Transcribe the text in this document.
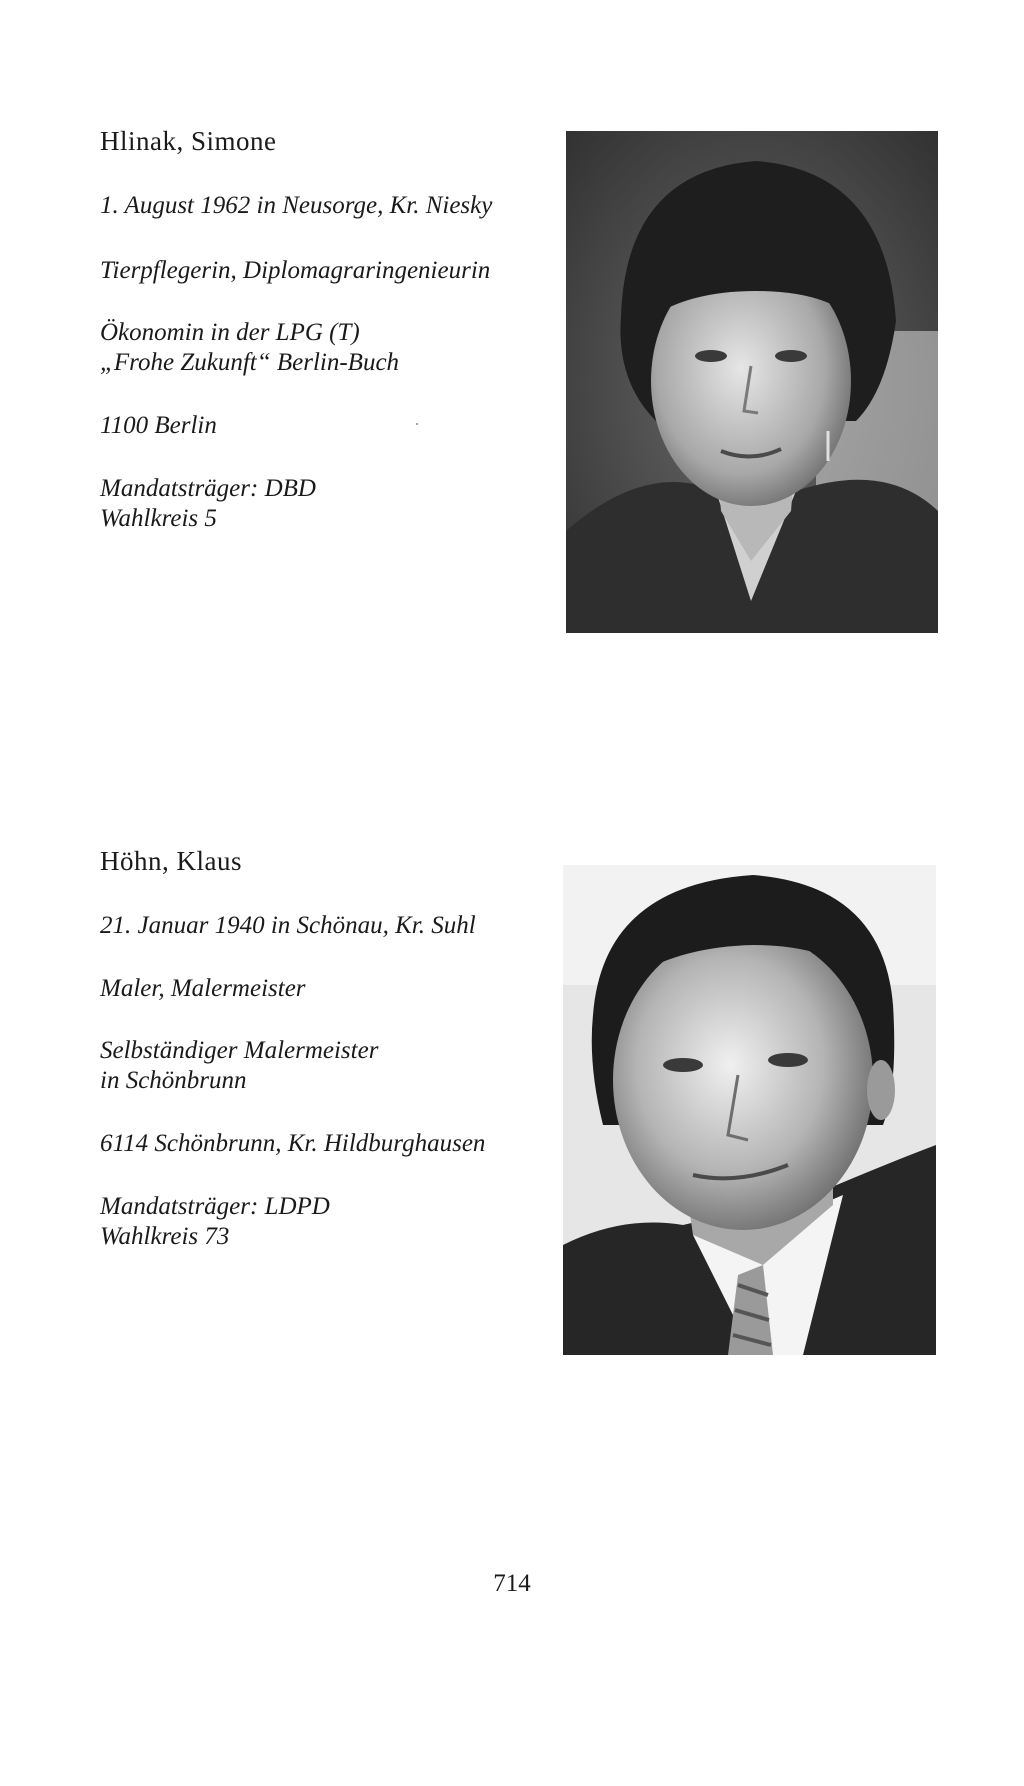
Hlinak, Simone

1. August 1962 in Neusorge, Kr. Niesky

Tierpflegerin, Diplomagraringenieurin

Ökonomin in der LPG (T)

„Frohe Zukunft“ Berlin-Buch

1100 Berlin

Mandatsträger: DBD

Wahlkreis 5

Höhn, Klaus

21. Januar 1940 in Schönau, Kr. Suhl

Maler, Malermeister

Selbständiger Malermeister

in Schönbrunn

6114 Schönbrunn, Kr. Hildburghausen

Mandatsträger: LDPD

Wahlkreis 73

714
